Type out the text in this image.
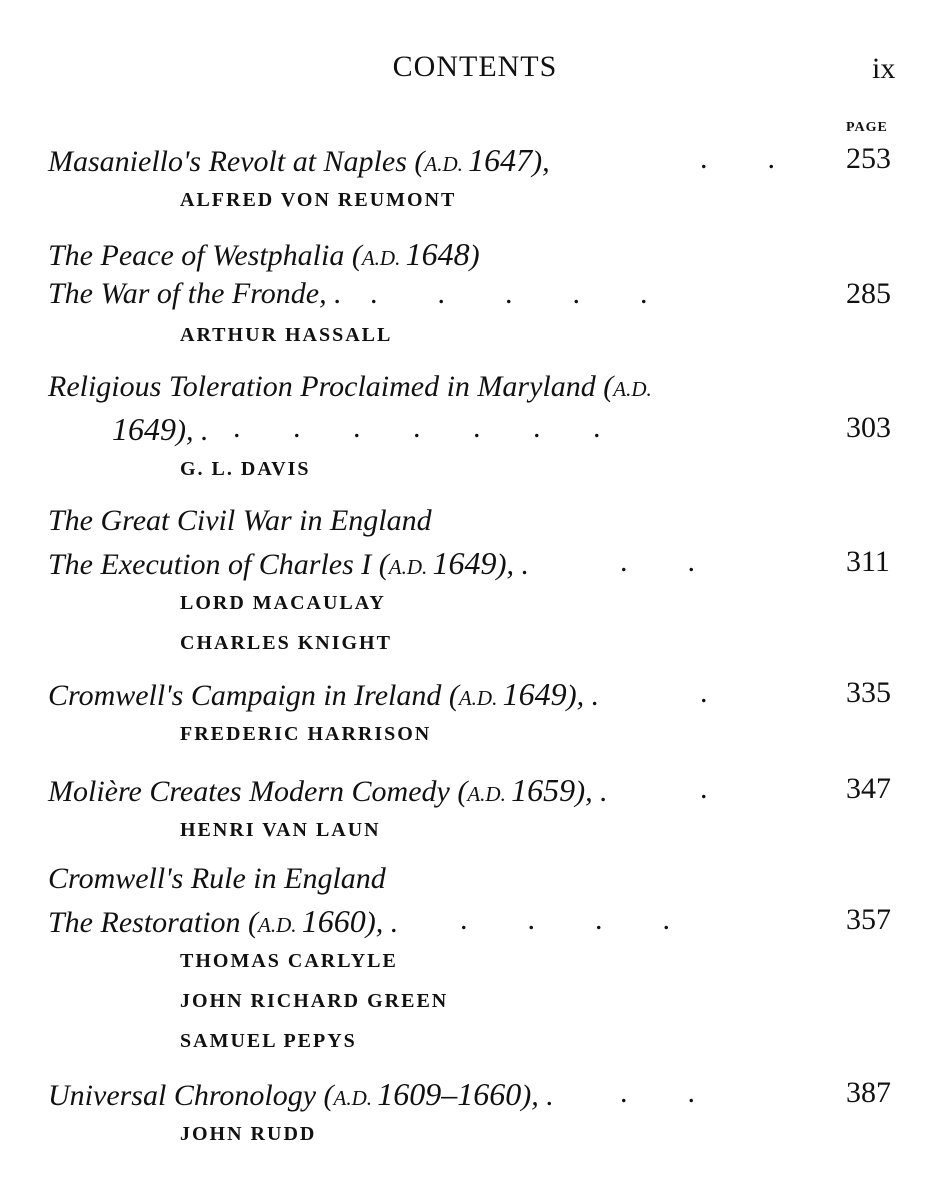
CONTENTS	ix
PAGE
Masaniello's Revolt at Naples (A.D. 1647),	.        . 253
ALFRED VON REUMONT
The Peace of Westphalia (A.D. 1648)
The War of the Fronde, . .        .        .        .        .	285
ARTHUR HASSALL
Religious Toleration Proclaimed in Maryland (A.D.
1649), . .       .       .       .       .       .       .	303
G. L. DAVIS
The Great Civil War in England
The Execution of Charles I (A.D. 1649), .	.        .	311
LORD MACAULAY
CHARLES KNIGHT
Cromwell's Campaign in Ireland (A.D. 1649), .	.	335
FREDERIC HARRISON
Molière Creates Modern Comedy (A.D. 1659), .	.	347
HENRI VAN LAUN
Cromwell's Rule in England
The Restoration (A.D. 1660), . .        .        .        .	357
THOMAS CARLYLE
JOHN RICHARD GREEN
SAMUEL PEPYS
Universal Chronology (A.D. 1609–1660), . .        .	387
JOHN RUDD
